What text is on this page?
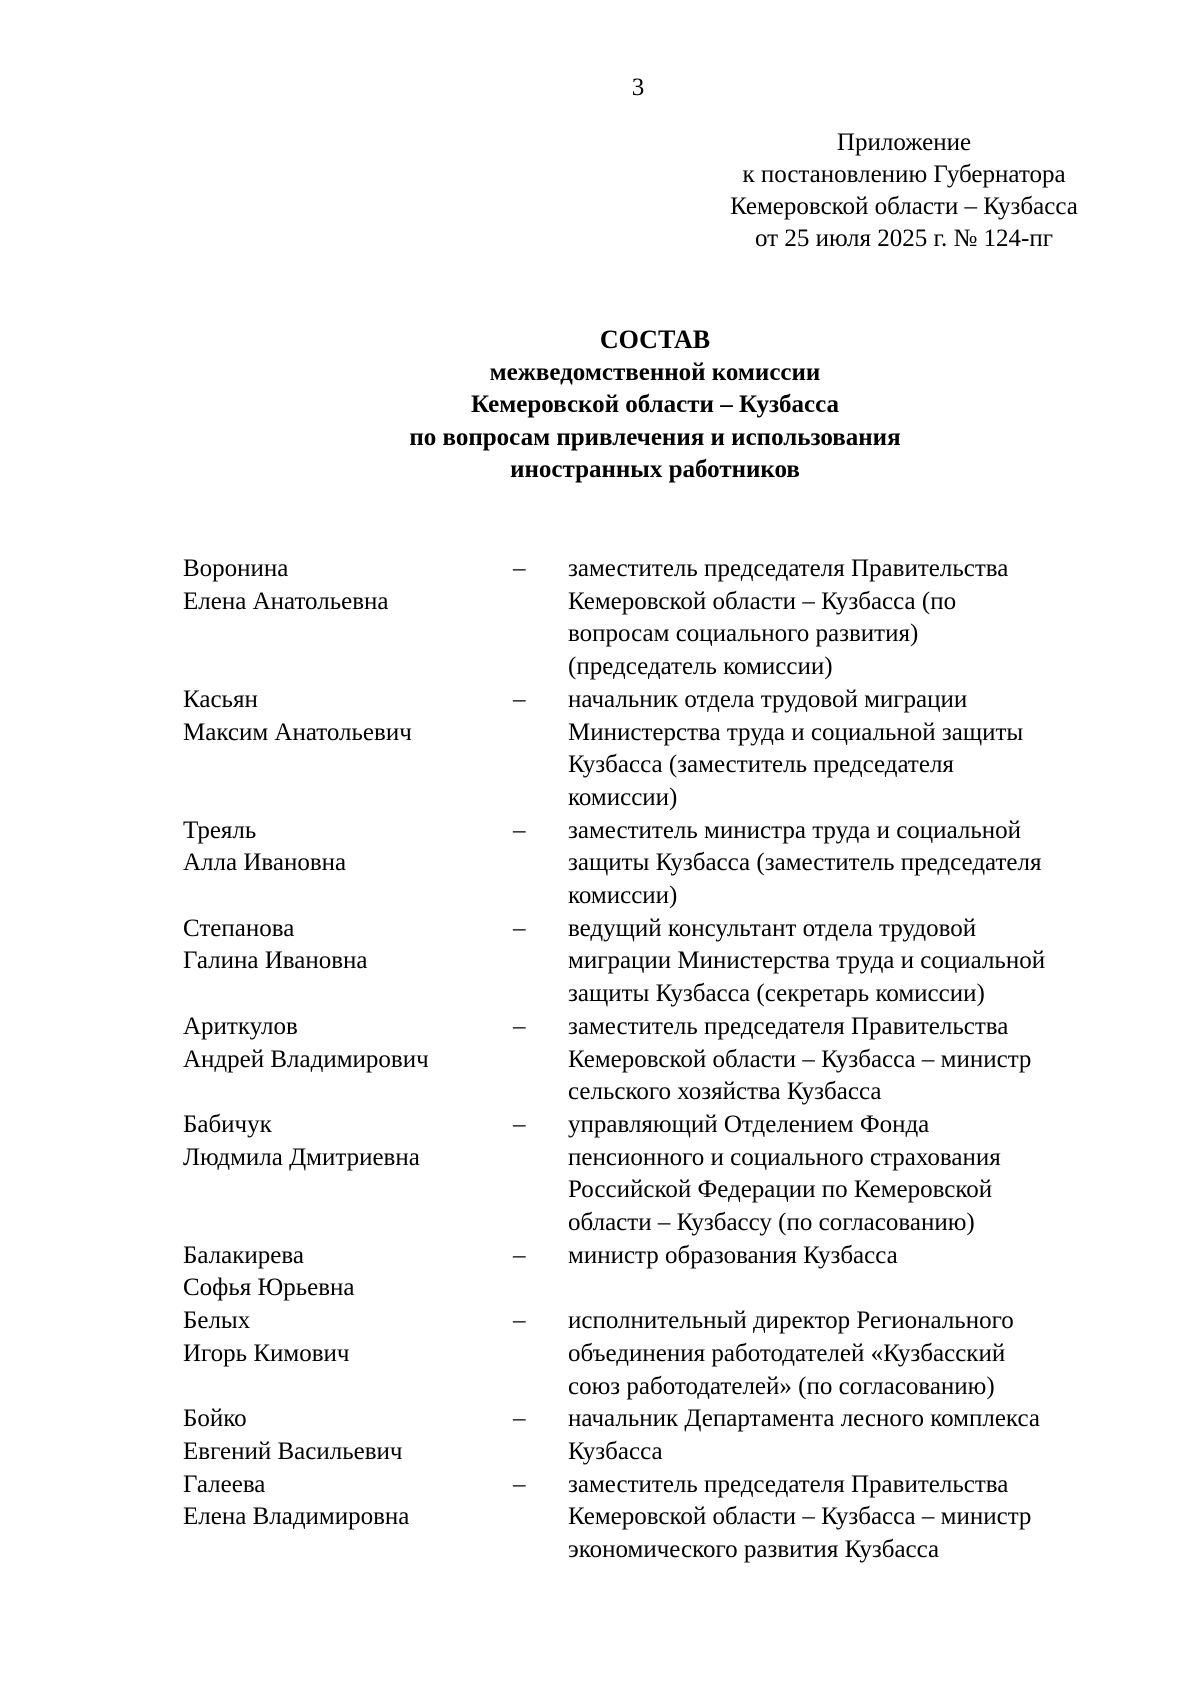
3
Приложение
к постановлению Губернатора
Кемеровской области – Кузбасса
от 25 июля 2025 г. № 124-пг
СОСТАВ
межведомственной комиссии
Кемеровской области – Кузбасса
по вопросам привлечения и использования
иностранных работников
Воронина
Елена Анатольевна
–	заместитель председателя Правительства
Кемеровской области – Кузбасса (по
вопросам социального развития)
(председатель комиссии)
Касьян
Максим Анатольевич
–	начальник отдела трудовой миграции
Министерства труда и социальной защиты
Кузбасса (заместитель председателя
комиссии)
Треяль
Алла Ивановна
–	заместитель министра труда и социальной
защиты Кузбасса (заместитель председателя
комиссии)
Степанова
Галина Ивановна
–	ведущий консультант отдела трудовой
миграции Министерства труда и социальной
защиты Кузбасса (секретарь комиссии)
Ариткулов
Андрей Владимирович
–	заместитель председателя Правительства
Кемеровской области – Кузбасса – министр
сельского хозяйства Кузбасса
Бабичук
Людмила Дмитриевна
–	управляющий Отделением Фонда
пенсионного и социального страхования
Российской Федерации по Кемеровской
области – Кузбассу (по согласованию)
Балакирева
Софья Юрьевна
–	министр образования Кузбасса
Белых
Игорь Кимович
–	исполнительный директор Регионального
объединения работодателей «Кузбасский
союз работодателей» (по согласованию)
Бойко
Евгений Васильевич
–	начальник Департамента лесного комплекса
Кузбасса
Галеева
Елена Владимировна
–	заместитель председателя Правительства
Кемеровской области – Кузбасса – министр
экономического развития Кузбасса
